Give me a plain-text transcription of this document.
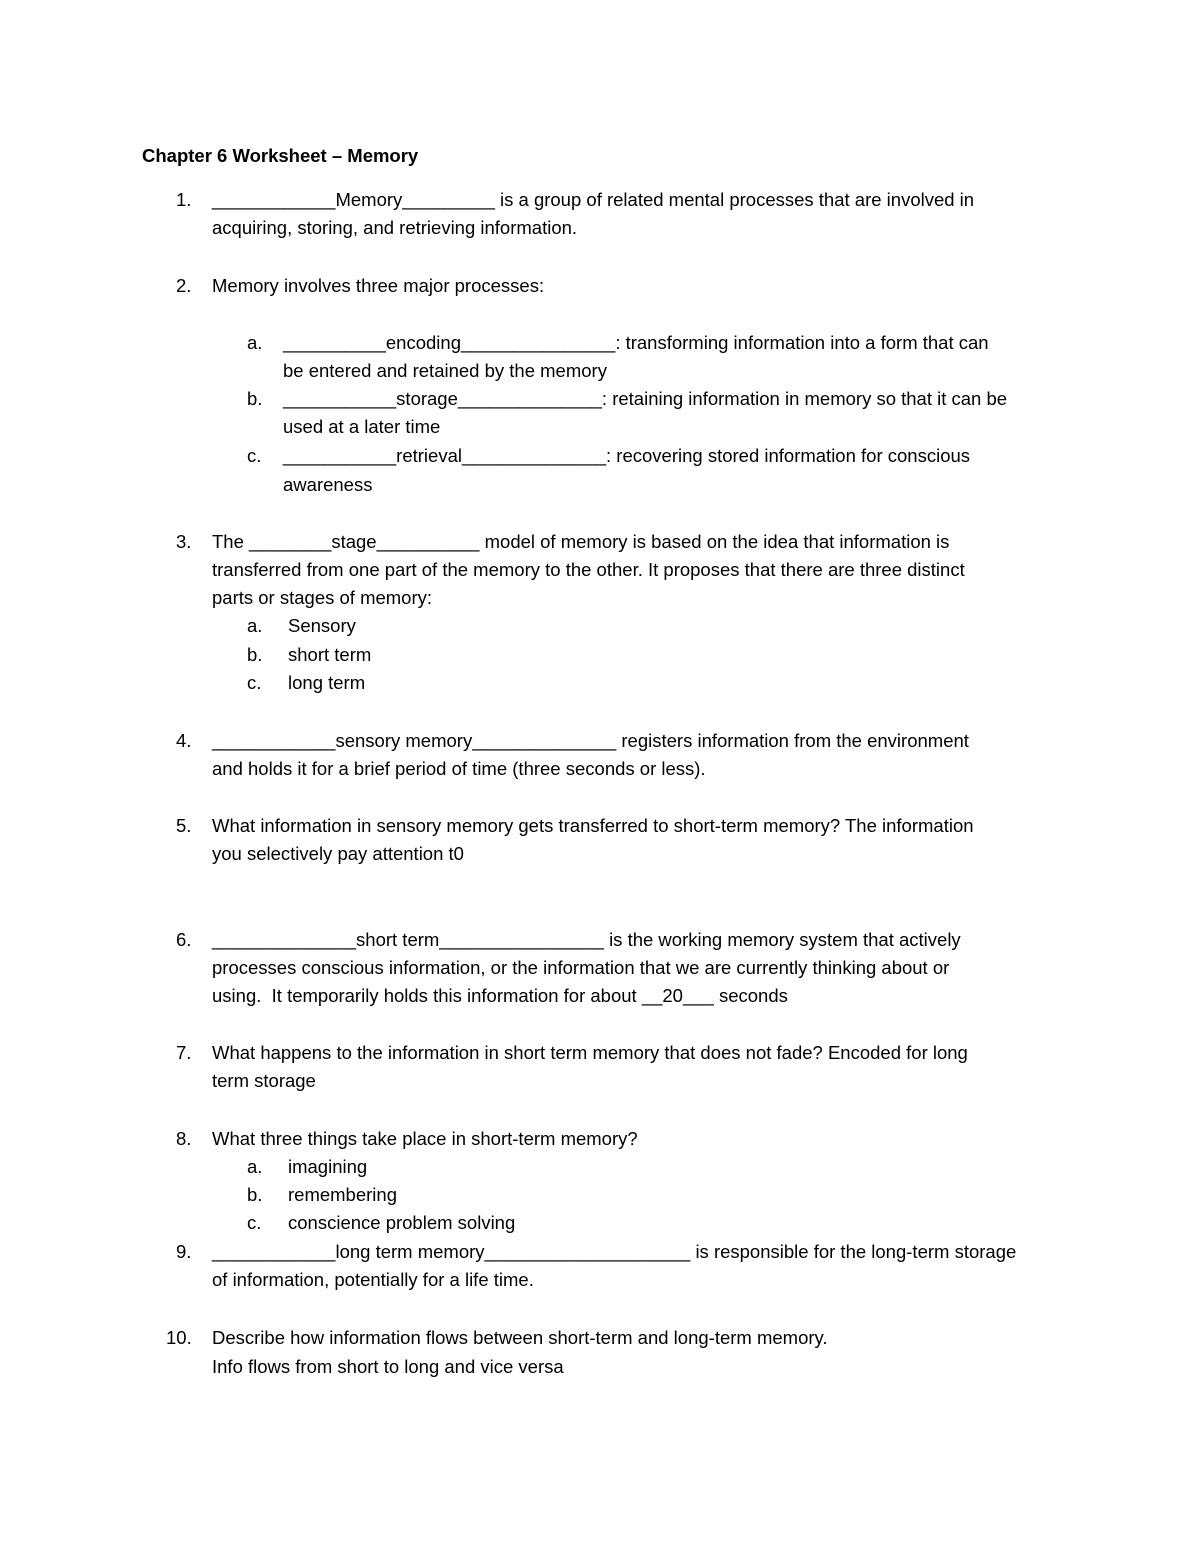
Chapter 6 Worksheet – Memory
1. ____________Memory_________ is a group of related mental processes that are involved in
acquiring, storing, and retrieving information.
2. Memory involves three major processes:
a. __________encoding_______________: transforming information into a form that can
be entered and retained by the memory
b. ___________storage______________: retaining information in memory so that it can be
used at a later time
c. ___________retrieval______________: recovering stored information for conscious
awareness
3. The ________stage__________ model of memory is based on the idea that information is
transferred from one part of the memory to the other. It proposes that there are three distinct
parts or stages of memory:
a. Sensory
b. short term
c. long term
4. ____________sensory memory______________ registers information from the environment
and holds it for a brief period of time (three seconds or less).
5. What information in sensory memory gets transferred to short-term memory? The information
you selectively pay attention t0
6. ______________short term________________ is the working memory system that actively
processes conscious information, or the information that we are currently thinking about or
using.  It temporarily holds this information for about __20___ seconds
7. What happens to the information in short term memory that does not fade? Encoded for long
term storage
8. What three things take place in short-term memory?
a. imagining
b. remembering
c. conscience problem solving
9. ____________long term memory____________________ is responsible for the long-term storage
of information, potentially for a life time.
10. Describe how information flows between short-term and long-term memory.
Info flows from short to long and vice versa
